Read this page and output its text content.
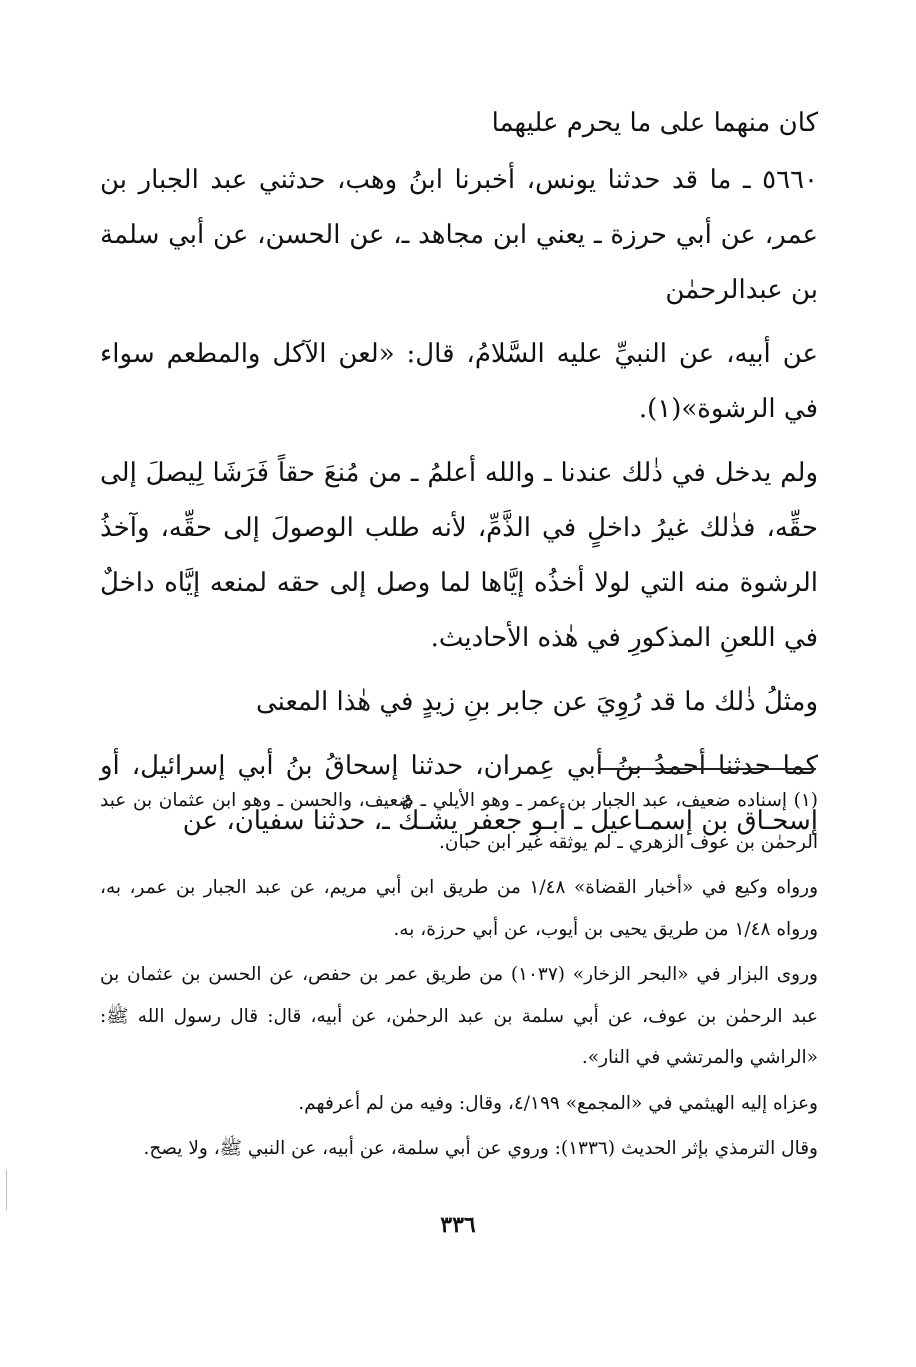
كان منهما على ما يحرم عليهما

٥٦٦٠ ـ ما قد حدثنا يونس، أخبرنا ابنُ وهب، حدثني عبد الجبار بن عمر، عن أبي حرزة ـ يعني ابن مجاهد ـ، عن الحسن، عن أبي سلمة بن عبدالرحمٰن

عن أبيه، عن النبيِّ عليه السَّلامُ، قال: «لعن الآكل والمطعم سواء في الرشوة»(١).

ولم يدخل في ذٰلك عندنا ـ والله أعلمُ ـ من مُنعَ حقاً فَرَشَا لِيصلَ إلى حقِّه، فذٰلك غيرُ داخلٍ في الذَّمِّ، لأنه طلب الوصولَ إلى حقِّه، وآخذُ الرشوة منه التي لولا أخذُه إيَّاها لما وصل إلى حقه لمنعه إيَّاه داخلٌ في اللعنِ المذكورِ في هٰذه الأحاديث.

ومثلُ ذٰلك ما قد رُوِيَ عن جابر بنِ زيدٍ في هٰذا المعنى

كما حدثنا أحمدُ بنُ أبي عِمران، حدثنا إسحاقُ بنُ أبي إسرائيل، أو إسحـاق بن إسمـاعيل ـ أبـو جعفر يشـكُّ ـ، حدثنا سفيان، عن

(١) إسناده ضعيف، عبد الجبار بن عمر ـ وهو الأيلي ـ ضعيف، والحسن ـ وهو ابن عثمان بن عبد الرحمٰن بن عوف الزهري ـ لم يوثقه غير ابن حبان.

ورواه وكيع في «أخبار القضاة» ١/٤٨ من طريق ابن أبي مريم، عن عبد الجبار بن عمر، به، ورواه ١/٤٨ من طريق يحيى بن أيوب، عن أبي حرزة، به.

وروى البزار في «البحر الزخار» (١٠٣٧) من طريق عمر بن حفص، عن الحسن بن عثمان بن عبد الرحمٰن بن عوف، عن أبي سلمة بن عبد الرحمٰن، عن أبيه، قال: قال رسول الله ﷺ: «الراشي والمرتشي في النار».

وعزاه إليه الهيثمي في «المجمع» ٤/١٩٩، وقال: وفيه من لم أعرفهم.

وقال الترمذي بإثر الحديث (١٣٣٦): وروي عن أبي سلمة، عن أبيه، عن النبي ﷺ، ولا يصح.

٣٣٦
